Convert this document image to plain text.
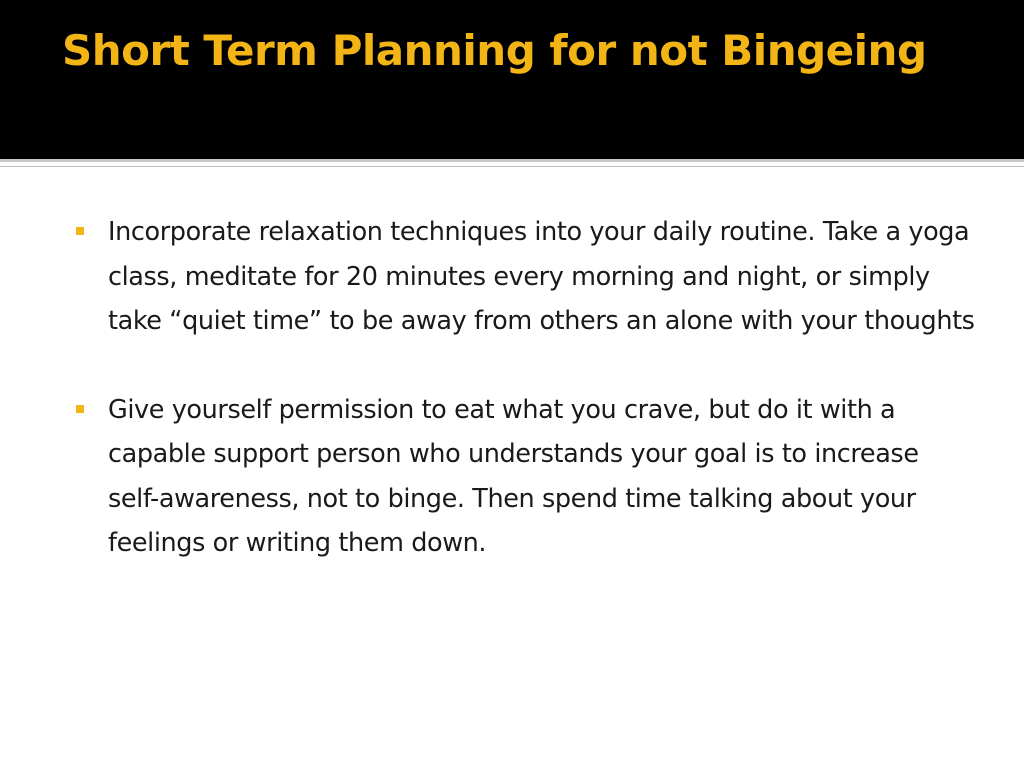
Short Term Planning for not Bingeing
Incorporate relaxation techniques into your daily routine. Take a yoga class, meditate for 20 minutes every morning and night, or simply take “quiet time” to be away from others an alone with your thoughts
Give yourself permission to eat what you crave, but do it with a capable support person who understands your goal is to increase self-awareness, not to binge. Then spend time talking about your feelings or writing them down.
